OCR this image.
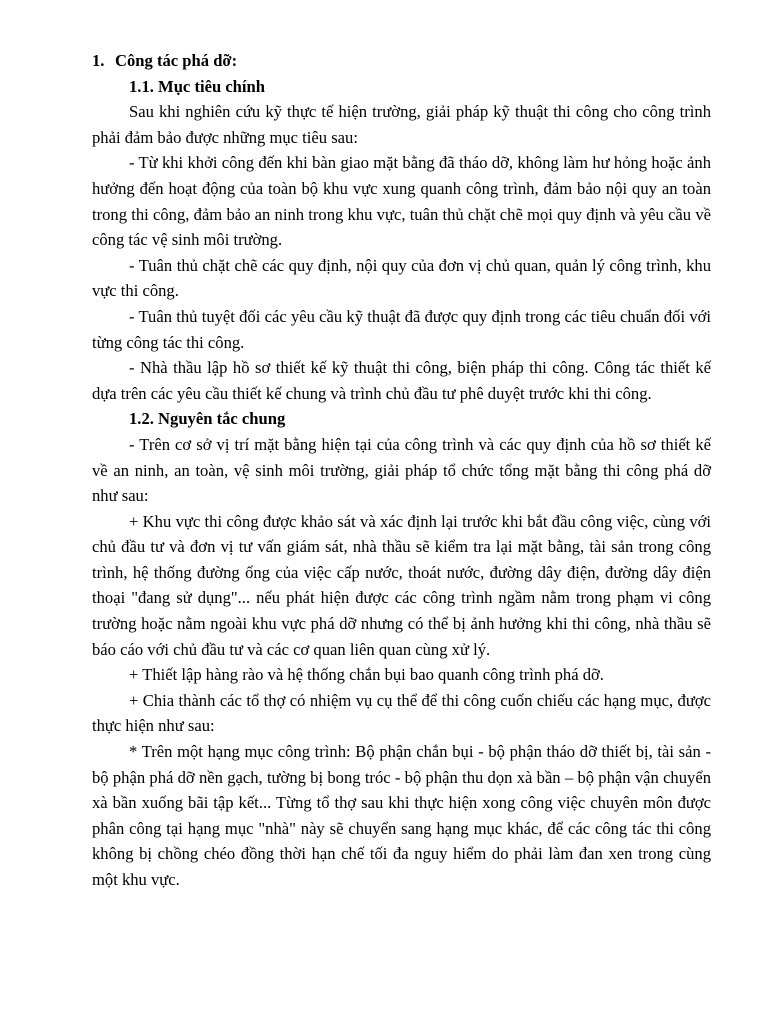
1. Công tác phá dỡ:

1.1. Mục tiêu chính

Sau khi nghiên cứu kỹ thực tế hiện trường, giải pháp kỹ thuật thi công cho công trình phải đảm bảo được những mục tiêu sau:

- Từ khi khởi công đến khi bàn giao mặt bằng đã tháo dỡ, không làm hư hỏng hoặc ảnh hưởng đến hoạt động của toàn bộ khu vực xung quanh công trình, đảm bảo nội quy an toàn trong thi công, đảm bảo an ninh trong khu vực, tuân thủ chặt chẽ mọi quy định và yêu cầu về công tác vệ sinh môi trường.

- Tuân thủ chặt chẽ các quy định, nội quy của đơn vị chủ quan, quản lý công trình, khu vực thi công.

- Tuân thủ tuyệt đối các yêu cầu kỹ thuật đã được quy định trong các tiêu chuẩn đối với từng công tác thi công.

- Nhà thầu lập hồ sơ thiết kế kỹ thuật thi công, biện pháp thi công. Công tác thiết kế dựa trên các yêu cầu thiết kế chung và trình chủ đầu tư phê duyệt trước khi thi công.

1.2. Nguyên tắc chung

- Trên cơ sở vị trí mặt bằng hiện tại của công trình và các quy định của hồ sơ thiết kế về an ninh, an toàn, vệ sinh môi trường, giải pháp tổ chức tổng mặt bằng thi công phá dỡ như sau:

+ Khu vực thi công được khảo sát và xác định lại trước khi bắt đầu công việc, cùng với chủ đầu tư và đơn vị tư vấn giám sát, nhà thầu sẽ kiểm tra lại mặt bằng, tài sản trong công trình, hệ thống đường ống của việc cấp nước, thoát nước, đường dây điện, đường dây điện thoại "đang sử dụng"... nếu phát hiện được các công trình ngầm nằm trong phạm vi công trường hoặc nằm ngoài khu vực phá dỡ nhưng có thể bị ảnh hưởng khi thi công, nhà thầu sẽ báo cáo với chủ đầu tư và các cơ quan liên quan cùng xử lý.

+ Thiết lập hàng rào và hệ thống chắn bụi bao quanh công trình phá dỡ.

+ Chia thành các tổ thợ có nhiệm vụ cụ thể để thi công cuốn chiếu các hạng mục, được thực hiện như sau:

* Trên một hạng mục công trình: Bộ phận chắn bụi - bộ phận tháo dỡ thiết bị, tài sản - bộ phận phá dỡ nền gạch, tường bị bong tróc - bộ phận thu dọn xà bần – bộ phận vận chuyển xà bần xuống bãi tập kết... Từng tổ thợ sau khi thực hiện xong công việc chuyên môn được phân công tại hạng mục "nhà" này sẽ chuyển sang hạng mục khác, để các công tác thi công không bị chồng chéo đồng thời hạn chế tối đa nguy hiểm do phải làm đan xen trong cùng một khu vực.
